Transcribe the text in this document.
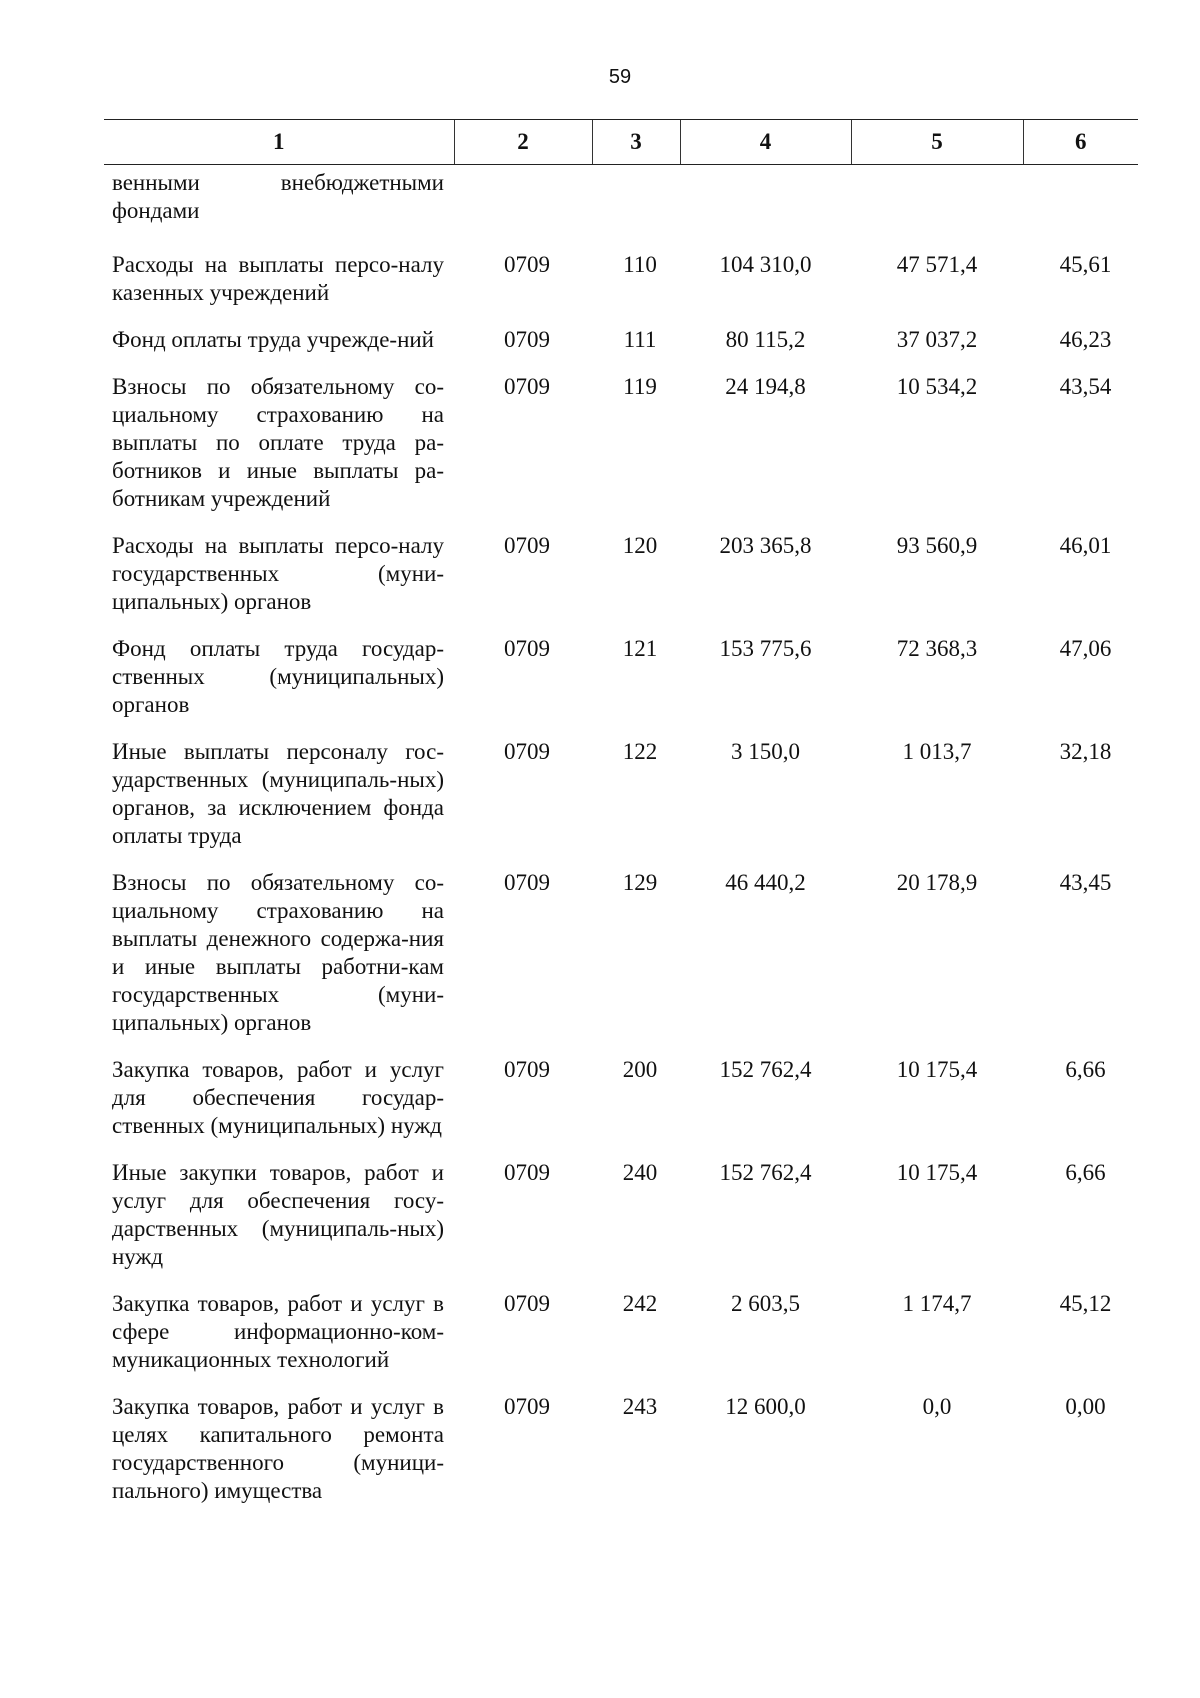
59
1	2	3	4	5	6
венными внебюджетными фондами					
Расходы на выплаты персо-налу казенных учреждений	0709	110	104 310,0	47 571,4	45,61
Фонд оплаты труда учрежде-ний	0709	111	80 115,2	37 037,2	46,23
Взносы по обязательному со-циальному страхованию на выплаты по оплате труда ра-ботников и иные выплаты ра-ботникам учреждений	0709	119	24 194,8	10 534,2	43,54
Расходы на выплаты персо-налу государственных (муни-ципальных) органов	0709	120	203 365,8	93 560,9	46,01
Фонд оплаты труда государ-ственных (муниципальных) органов	0709	121	153 775,6	72 368,3	47,06
Иные выплаты персоналу гос-ударственных (муниципаль-ных) органов, за исключением фонда оплаты труда	0709	122	3 150,0	1 013,7	32,18
Взносы по обязательному со-циальному страхованию на выплаты денежного содержа-ния и иные выплаты работни-кам государственных (муни-ципальных) органов	0709	129	46 440,2	20 178,9	43,45
Закупка товаров, работ и услуг для обеспечения государ-ственных (муниципальных) нужд	0709	200	152 762,4	10 175,4	6,66
Иные закупки товаров, работ и услуг для обеспечения госу-дарственных (муниципаль-ных) нужд	0709	240	152 762,4	10 175,4	6,66
Закупка товаров, работ и услуг в сфере информационно-ком-муникационных технологий	0709	242	2 603,5	1 174,7	45,12
Закупка товаров, работ и услуг в целях капитального ремонта государственного (муници-пального) имущества	0709	243	12 600,0	0,0	0,00
